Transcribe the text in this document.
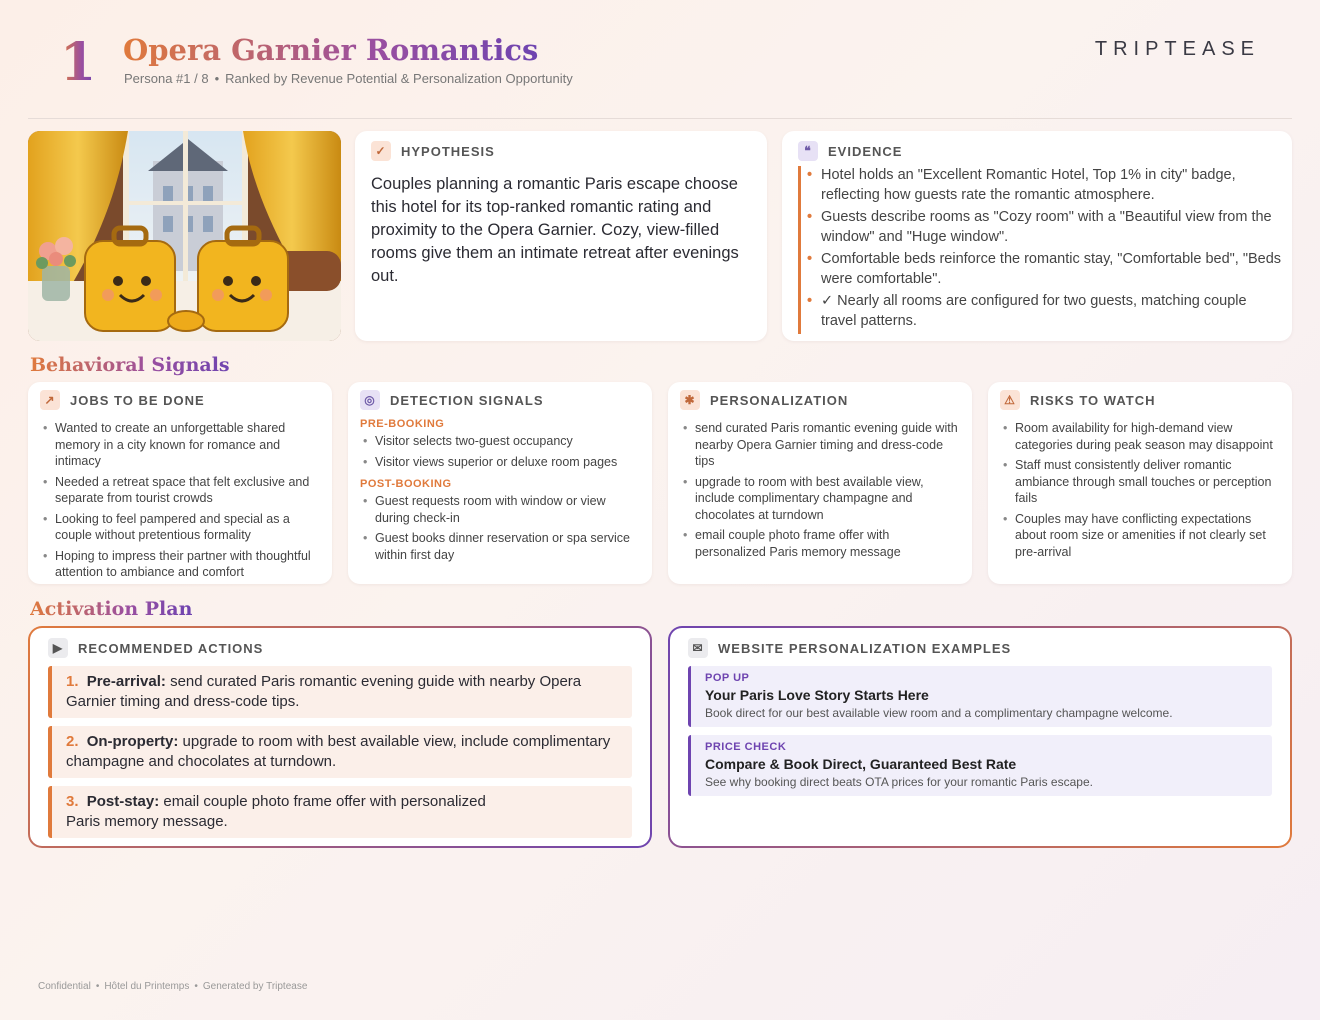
1 Opera Garnier Romantics
Persona #1 / 8 • Ranked by Revenue Potential & Personalization Opportunity
TRIPTEASE
✓	HYPOTHESIS
Couples planning a romantic Paris escape choose this hotel for its top-ranked romantic rating and proximity to the Opera Garnier. Cozy, view-filled rooms give them an intimate retreat after evenings out.
❝	EVIDENCE
• Hotel holds an "Excellent Romantic Hotel, Top 1% in city" badge, reflecting how guests rate the romantic atmosphere.
• Guests describe rooms as "Cozy room" with a "Beautiful view from the window" and "Huge window".
• Comfortable beds reinforce the romantic stay, "Comfortable bed", "Beds were comfortable".
• ✓ Nearly all rooms are configured for two guests, matching couple travel patterns.
Behavioral Signals
↗	JOBS TO BE DONE
• Wanted to create an unforgettable shared memory in a city known for romance and intimacy
• Needed a retreat space that felt exclusive and separate from tourist crowds
• Looking to feel pampered and special as a couple without pretentious formality
• Hoping to impress their partner with thoughtful attention to ambiance and comfort
◎	DETECTION SIGNALS
PRE-BOOKING
• Visitor selects two-guest occupancy
• Visitor views superior or deluxe room pages
POST-BOOKING
• Guest requests room with window or view during check-in
• Guest books dinner reservation or spa service within first day
✱	PERSONALIZATION
• send curated Paris romantic evening guide with nearby Opera Garnier timing and dress-code tips
• upgrade to room with best available view, include complimentary champagne and chocolates at turndown
• email couple photo frame offer with personalized Paris memory message
⚠	RISKS TO WATCH
• Room availability for high-demand view categories during peak season may disappoint
• Staff must consistently deliver romantic ambiance through small touches or perception fails
• Couples may have conflicting expectations about room size or amenities if not clearly set pre-arrival
Activation Plan
▶	RECOMMENDED ACTIONS
1. Pre-arrival: send curated Paris romantic evening guide with nearby Opera Garnier timing and dress-code tips.
2. On-property: upgrade to room with best available view, include complimentary champagne and chocolates at turndown.
3. Post-stay: email couple photo frame offer with personalized Paris memory message.
✉	WEBSITE PERSONALIZATION EXAMPLES
POP UP
Your Paris Love Story Starts Here
Book direct for our best available view room and a complimentary champagne welcome.
PRICE CHECK
Compare & Book Direct, Guaranteed Best Rate
See why booking direct beats OTA prices for your romantic Paris escape.
Confidential • Hôtel du Printemps • Generated by Triptease
